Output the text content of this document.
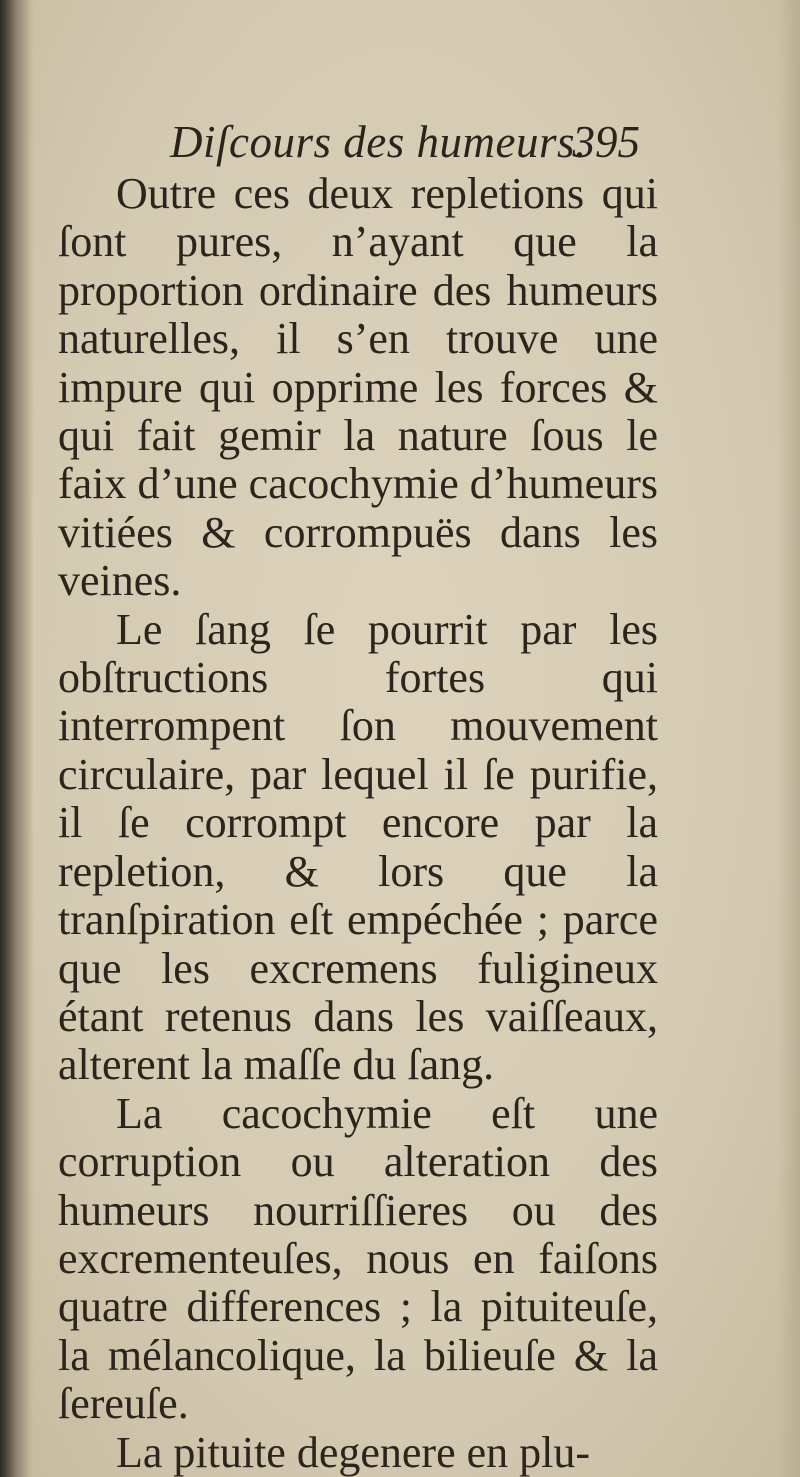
Diſcours des humeurs.
395

Outre ces deux repletions qui ſont pures, n’ayant que la proportion ordinaire des humeurs naturelles, il s’en trouve une impure qui opprime les forces & qui fait gemir la nature ſous le faix d’une cacochymie d’humeurs vitiées & corrompuës dans les veines.

Le ſang ſe pourrit par les obſtructions fortes qui interrompent ſon mouvement circulaire, par lequel il ſe purifie, il ſe corrompt encore par la repletion, & lors que la tranſpiration eſt empéchée ; parce que les excremens fuligineux étant retenus dans les vaiſſeaux, alterent la maſſe du ſang.

La cacochymie eſt une corruption ou alteration des humeurs nourriſſieres ou des excrementeuſes, nous en faiſons quatre differences ; la pituiteuſe, la mélancolique, la bilieuſe & la ſereuſe.

La pituite degenere en plu-
